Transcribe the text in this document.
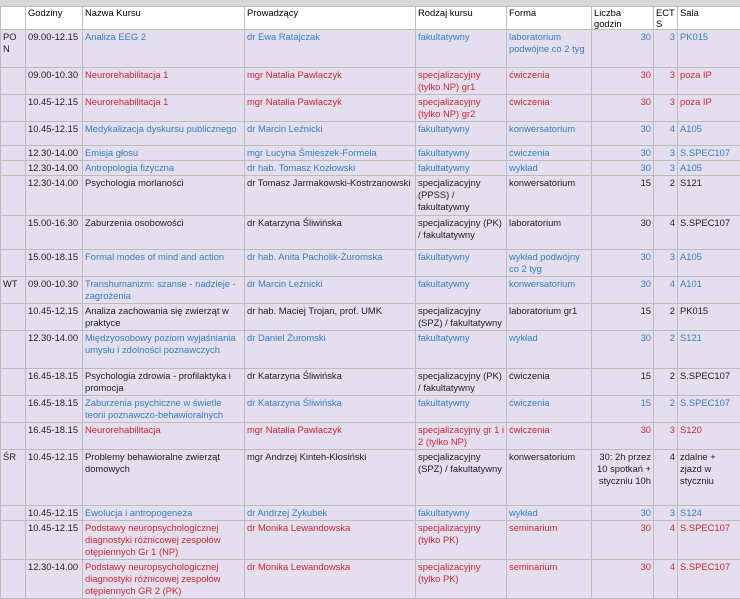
	Godziny	Nazwa Kursu	Prowadzący	Rodzaj kursu	Forma	Liczba godzin	ECTS	Sala
PON	09.00-12.15	Analiza EEG 2	dr Ewa Ratajczak	fakultatywny	laboratorium podwójne co 2 tyg	30	3	PK015
	09.00-10.30	Neurorehabilitacja 1	mgr Natalia Pawlaczyk	specjalizacyjny (tylko NP) gr1	ćwiczenia	30	3	poza IP
	10.45-12.15	Neurorehabilitacja 1	mgr Natalia Pawlaczyk	specjalizacyjny (tylko NP) gr2	ćwiczenia	30	3	poza IP
	10.45-12.15	Medykalizacja dyskursu publicznego	dr Marcin Leźnicki	fakultatywny	konwersatorium	30	4	A105
	12.30-14.00	Emisja głosu	mgr Lucyna Śmieszek-Formela	fakultatywny	ćwiczenia	30	3	S.SPEC107
	12.30-14.00	Antropologia fizyczna	dr hab. Tomasz Kozłowski	fakultatywny	wykład	30	3	A105
	12.30-14.00	Psychologia morlaności	dr Tomasz Jarmakowski-Kostrzanowski	specjalizacyjny (PPSS) / fakultatywny	konwersatorium	15	2	S121
	15.00-16.30	Zaburzenia osobowości	dr Katarzyna Śliwińska	specjalizacyjny (PK) / fakultatywny	laboratorium	30	4	S.SPEC107
	15.00-18.15	Formal modes of mind and action	dr hab. Anita Pacholik-Żuromska	fakultatywny	wykład podwójny co 2 tyg	30	3	A105
WT	09.00-10.30	Transhumanizm: szanse - nadzieje - zagrożenia	dr Marcin Leźnicki	fakultatywny	konwersatorium	30	4	A101
	10.45-12.15	Analiza zachowania się zwierząt w praktyce	dr hab. Maciej Trojan, prof. UMK	specjalizacyjny (SPZ) / fakultatywny	laboratorium gr1	15	2	PK015
	12.30-14.00	Międzyosobowy poziom wyjaśniania umysłu i zdolności poznawczych	dr Daniel Żuromski	fakultatywny	wykład	30	2	S121
	16.45-18.15	Psychologia zdrowia - profilaktyka i promocja	dr Katarzyna Śliwińska	specjalizacyjny (PK) / fakultatywny	ćwiczenia	15	2	S.SPEC107
	16.45-18.15	Zaburzenia psychiczne w świetle teorii poznawczo-behawioralnych	dr Katarzyna Śliwińska	fakultatywny	ćwiczenia	15	2	S.SPEC107
	16.45-18.15	Neurorehabilitacja	mgr Natalia Pawlaczyk	specjalizacyjny gr 1 i 2 (tylko NP)	ćwiczenia	30	3	S120
ŚR	10.45-12.15	Problemy behawioralne zwierząt domowych	mgr Andrzej Kinteh-Kłosiński	specjalizacyjny (SPZ) / fakultatywny	konwersatorium	30: 2h przez 10 spotkań + styczniu 10h	4	zdalne + zjazd w styczniu
	10.45-12.15	Ewolucja i antropogeneza	dr Andrzej Zykubek	fakultatywny	wykład	30	3	S124
	10.45-12.15	Podstawy neuropsychologicznej diagnostyki różnicowej zespołów otępiennych Gr 1 (NP)	dr Monika Lewandowska	specjalizacyjny (tylko PK)	seminarium	30	4	S.SPEC107
	12.30-14.00	Podstawy neuropsychologicznej diagnostyki różnicowej zespołów otępiennych GR 2 (PK)	dr Monika Lewandowska	specjalizacyjny (tylko PK)	seminarium	30	4	S.SPEC107
